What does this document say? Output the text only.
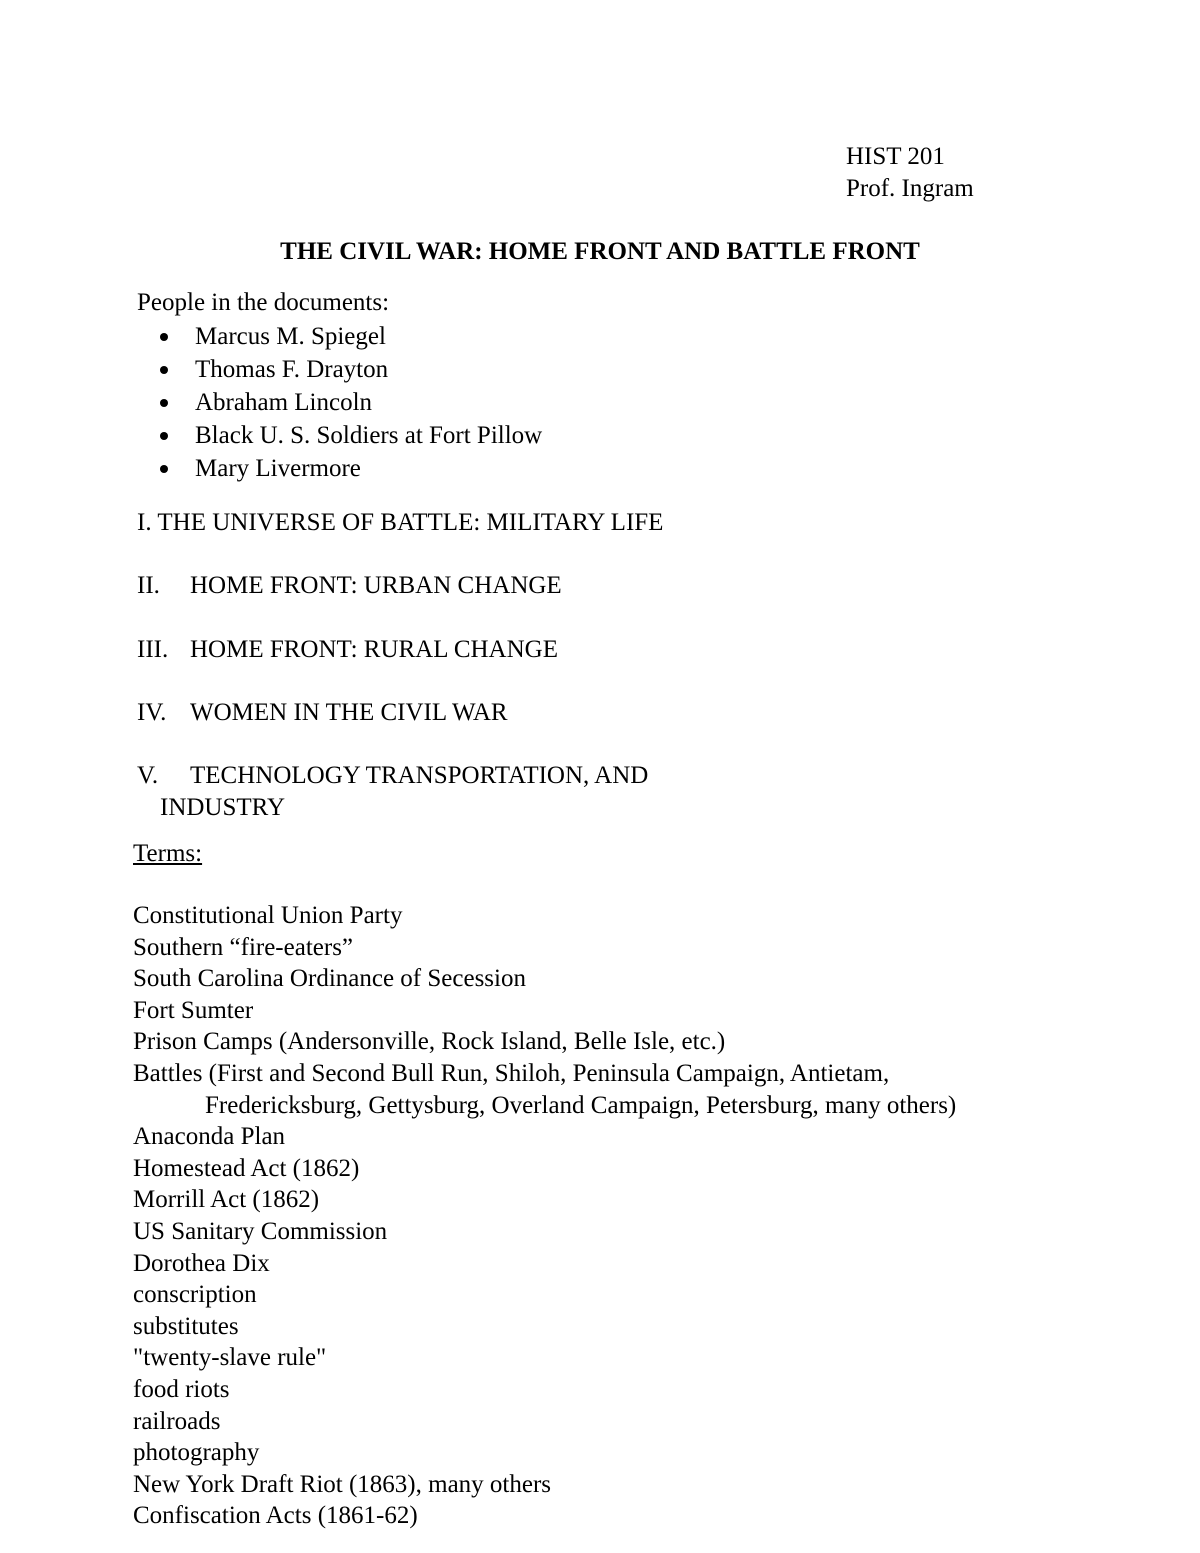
HIST 201
Prof. Ingram
THE CIVIL WAR: HOME FRONT AND BATTLE FRONT
People in the documents:
Marcus M. Spiegel
Thomas F. Drayton
Abraham Lincoln
Black U. S. Soldiers at Fort Pillow
Mary Livermore
I. THE UNIVERSE OF BATTLE: MILITARY LIFE
II. HOME FRONT: URBAN CHANGE
III. HOME FRONT: RURAL CHANGE
IV. WOMEN IN THE CIVIL WAR
V. TECHNOLOGY TRANSPORTATION, AND
INDUSTRY
Terms:
Constitutional Union Party
Southern “fire-eaters”
South Carolina Ordinance of Secession
Fort Sumter
Prison Camps (Andersonville, Rock Island, Belle Isle, etc.)
Battles (First and Second Bull Run, Shiloh, Peninsula Campaign, Antietam,
Fredericksburg, Gettysburg, Overland Campaign, Petersburg, many others)
Anaconda Plan
Homestead Act (1862)
Morrill Act (1862)
US Sanitary Commission
Dorothea Dix
conscription
substitutes
"twenty-slave rule"
food riots
railroads
photography
New York Draft Riot (1863), many others
Confiscation Acts (1861-62)
